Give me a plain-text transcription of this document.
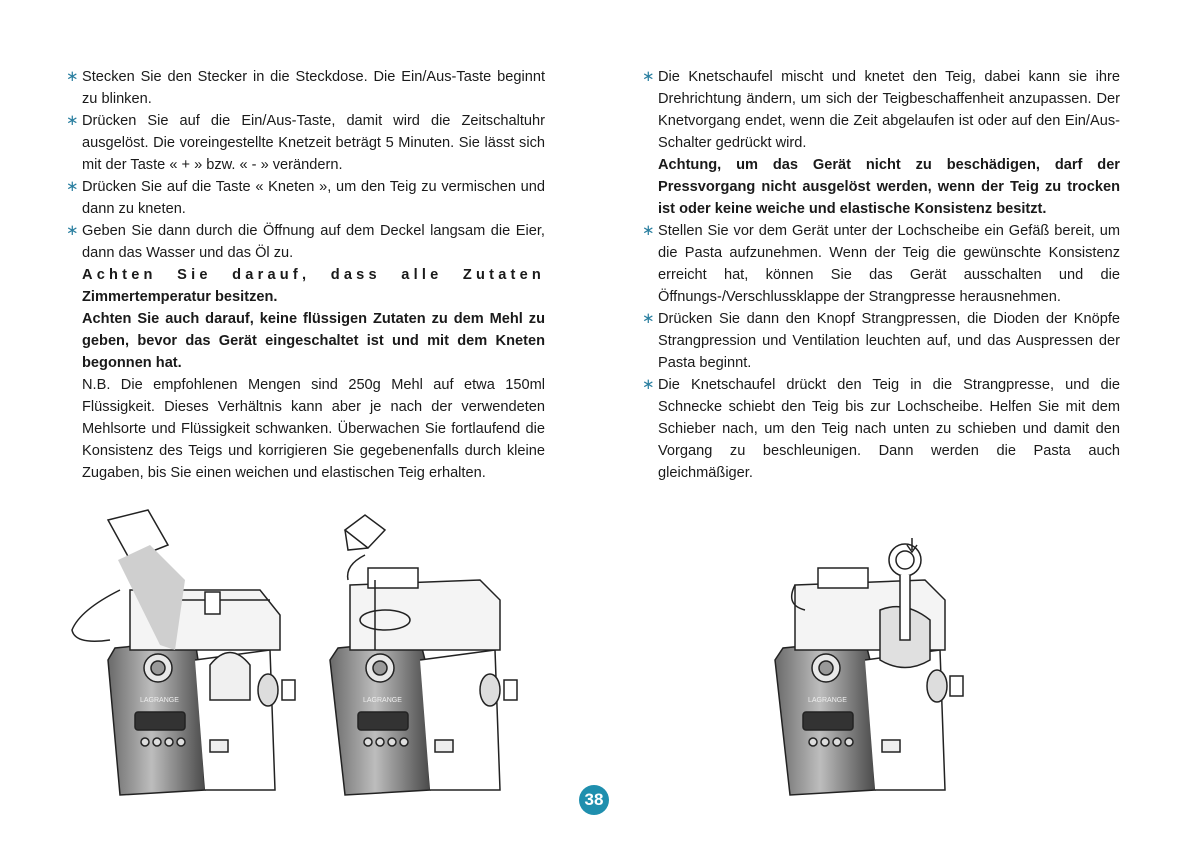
∗ Stecken Sie den Stecker in die Steckdose. Die Ein/Aus-Taste beginnt zu blinken.
∗ Drücken Sie auf die Ein/Aus-Taste, damit wird die Zeitschaltuhr ausgelöst. Die voreingestellte Knetzeit beträgt 5 Minuten. Sie lässt sich mit der Taste « + » bzw. « - » verändern.
∗ Drücken Sie auf die Taste « Kneten », um den Teig zu vermischen und dann zu kneten.
∗ Geben Sie dann durch die Öffnung auf dem Deckel langsam die Eier, dann das Wasser und das Öl zu.
Achten Sie darauf, dass alle Zutaten
Zimmertemperatur besitzen.
Achten Sie auch darauf, keine flüssigen Zutaten zu dem Mehl zu geben, bevor das Gerät eingeschaltet ist und mit dem Kneten begonnen hat.
N.B. Die empfohlenen Mengen sind 250g Mehl auf etwa 150ml Flüssigkeit. Dieses Verhältnis kann aber je nach der verwendeten Mehlsorte und Flüssigkeit schwanken. Überwachen Sie fortlaufend die Konsistenz des Teigs und korrigieren Sie gegebenenfalls durch kleine Zugaben, bis Sie einen weichen und elastischen Teig erhalten.
∗ Die Knetschaufel mischt und knetet den Teig, dabei kann sie ihre Drehrichtung ändern, um sich der Teigbeschaffenheit anzupassen. Der Knetvorgang endet, wenn die Zeit abgelaufen ist oder auf den Ein/Aus-Schalter gedrückt wird.
Achtung, um das Gerät nicht zu beschädigen, darf der Pressvorgang nicht ausgelöst werden, wenn der Teig zu trocken ist oder keine weiche und elastische Konsistenz besitzt.
∗ Stellen Sie vor dem Gerät unter der Lochscheibe ein Gefäß bereit, um die Pasta aufzunehmen. Wenn der Teig die gewünschte Konsistenz erreicht hat, können Sie das Gerät ausschalten und die Öffnungs-/Verschlussklappe der Strangpresse herausnehmen.
∗ Drücken Sie dann den Knopf Strangpressen, die Dioden der Knöpfe Strangpression und Ventilation leuchten auf, und das Auspressen der Pasta beginnt.
∗ Die Knetschaufel drückt den Teig in die Strangpresse, und die Schnecke schiebt den Teig bis zur Lochscheibe. Helfen Sie mit dem Schieber nach, um den Teig nach unten zu schieben und damit den Vorgang zu beschleunigen. Dann werden die Pasta auch gleichmäßiger.
LAGRANGE	LAGRANGE	LAGRANGE
38
